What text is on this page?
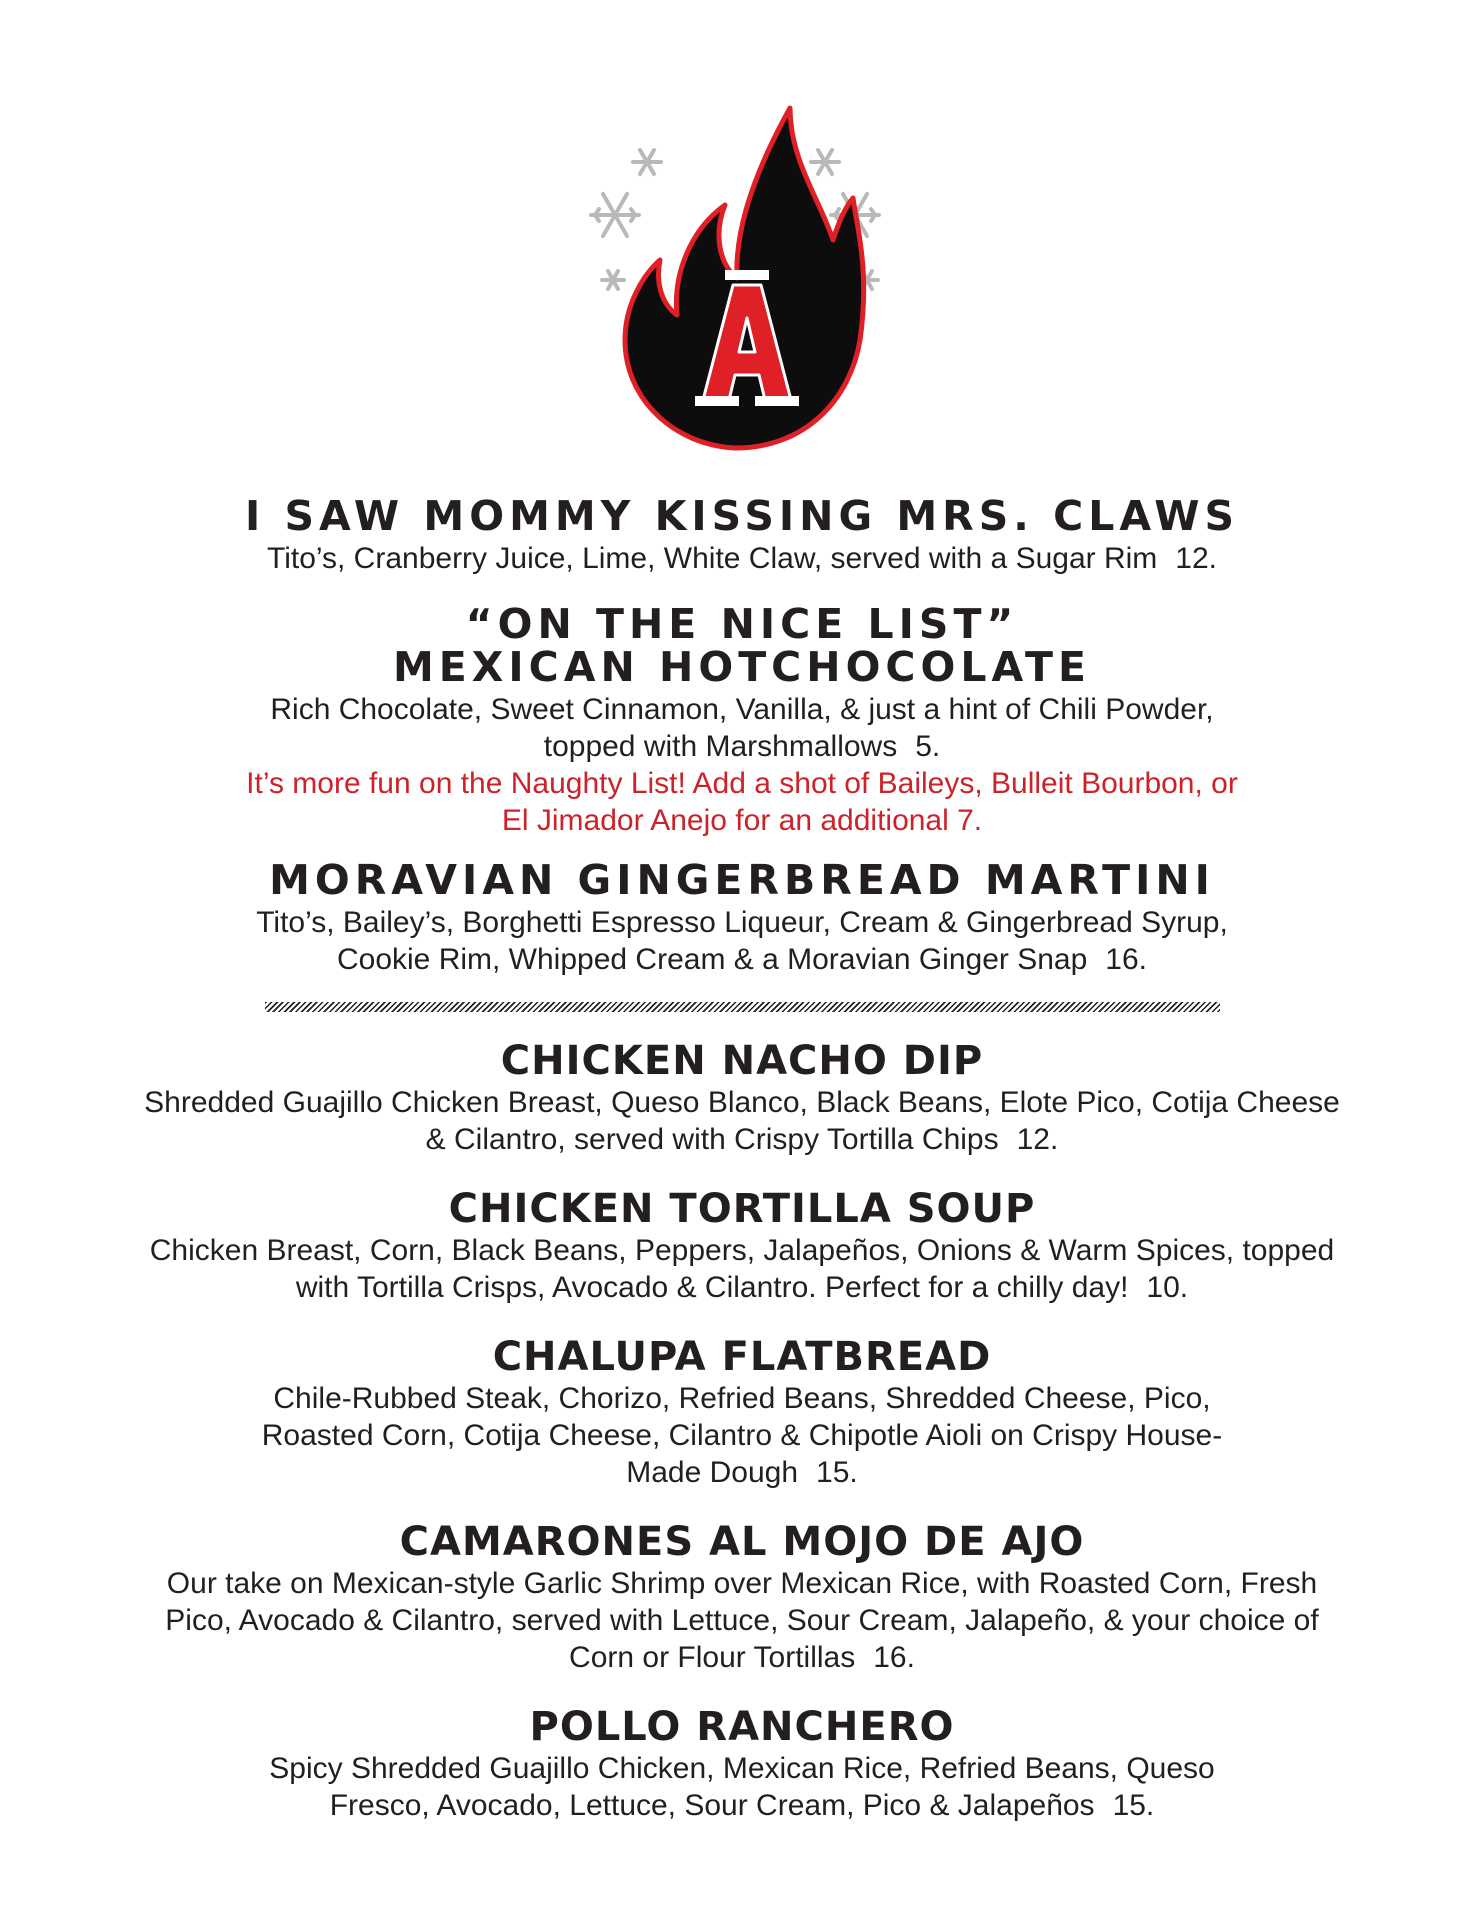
A
I SAW MOMMY KISSING MRS. CLAWS

Tito’s, Cranberry Juice, Lime, White Claw, served with a Sugar Rim 12.

“ON THE NICE LIST”
MEXICAN HOTCHOCOLATE

Rich Chocolate, Sweet Cinnamon, Vanilla, & just a hint of Chili Powder, topped with Marshmallows 5.

It’s more fun on the Naughty List! Add a shot of Baileys, Bulleit Bourbon, or El Jimador Anejo for an additional 7.

MORAVIAN GINGERBREAD MARTINI

Tito’s, Bailey’s, Borghetti Espresso Liqueur, Cream & Gingerbread Syrup, Cookie Rim, Whipped Cream & a Moravian Ginger Snap 16.

CHICKEN NACHO DIP

Shredded Guajillo Chicken Breast, Queso Blanco, Black Beans, Elote Pico, Cotija Cheese & Cilantro, served with Crispy Tortilla Chips 12.

CHICKEN TORTILLA SOUP

Chicken Breast, Corn, Black Beans, Peppers, Jalapeños, Onions & Warm Spices, topped with Tortilla Crisps, Avocado & Cilantro. Perfect for a chilly day! 10.

CHALUPA FLATBREAD

Chile-Rubbed Steak, Chorizo, Refried Beans, Shredded Cheese, Pico, Roasted Corn, Cotija Cheese, Cilantro & Chipotle Aioli on Crispy House-Made Dough 15.

CAMARONES AL MOJO DE AJO

Our take on Mexican-style Garlic Shrimp over Mexican Rice, with Roasted Corn, Fresh Pico, Avocado & Cilantro, served with Lettuce, Sour Cream, Jalapeño, & your choice of Corn or Flour Tortillas 16.

POLLO RANCHERO

Spicy Shredded Guajillo Chicken, Mexican Rice, Refried Beans, Queso Fresco, Avocado, Lettuce, Sour Cream, Pico & Jalapeños 15.
